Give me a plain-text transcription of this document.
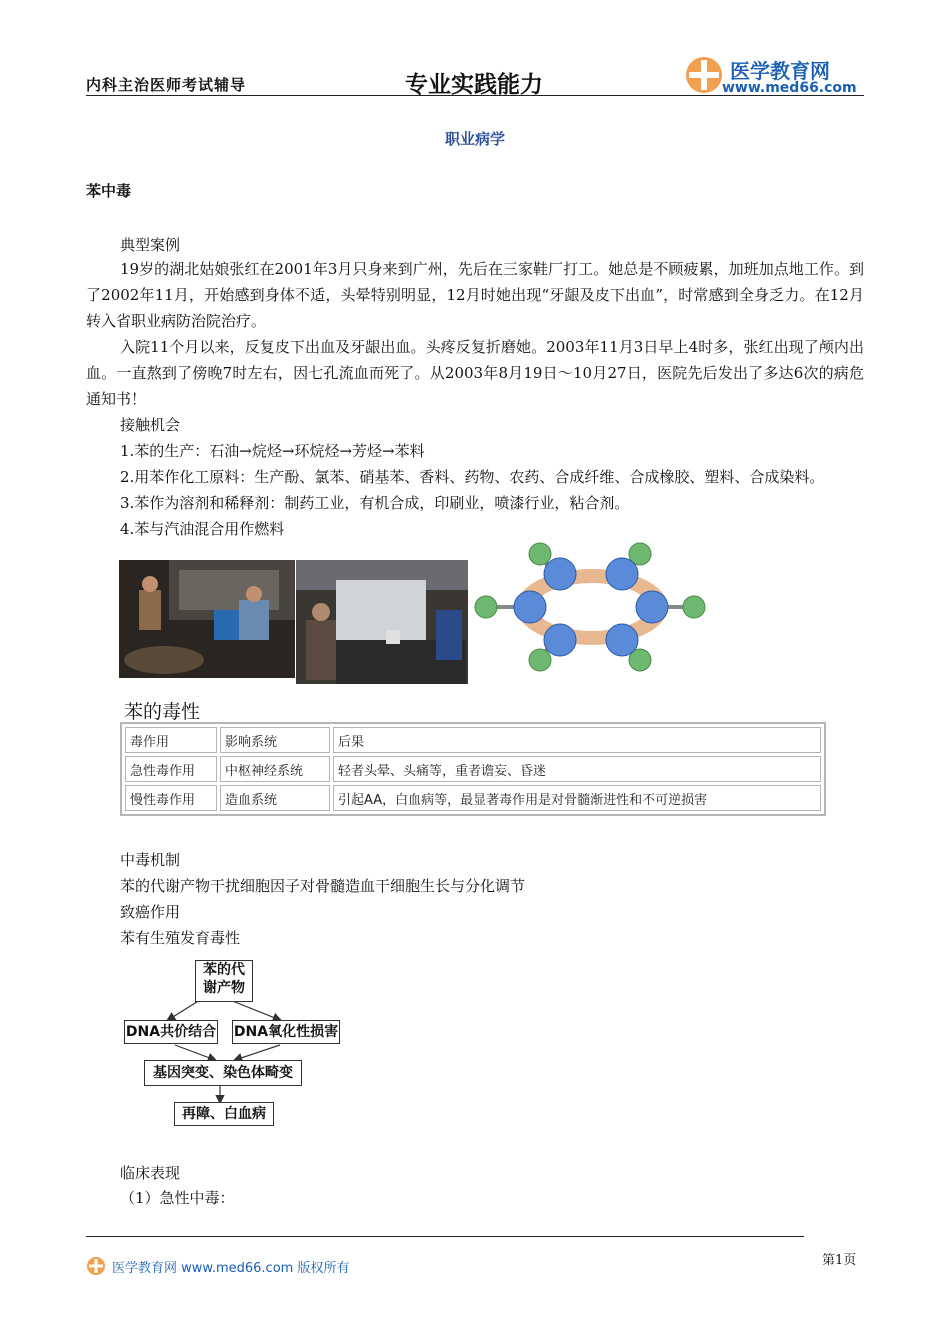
内科主治医师考试辅导	专业实践能力
医学教育网
www.med66.com
职业病学
苯中毒
典型案例
19岁的湖北姑娘张红在2001年3月只身来到广州，先后在三家鞋厂打工。她总是不顾疲累，加班加点地工作。到了2002年11月，开始感到身体不适，头晕特别明显，12月时她出现“牙龈及皮下出血”，时常感到全身乏力。在12月转入省职业病防治院治疗。
入院11个月以来，反复皮下出血及牙龈出血。头疼反复折磨她。2003年11月3日早上4时多，张红出现了颅内出血。一直熬到了傍晚7时左右，因七孔流血而死了。从2003年8月19日～10月27日，医院先后发出了多达6次的病危通知书！
接触机会
1.苯的生产：石油→烷烃→环烷烃→芳烃→苯料
2.用苯作化工原料：生产酚、氯苯、硝基苯、香料、药物、农药、合成纤维、合成橡胶、塑料、合成染料。
3.苯作为溶剂和稀释剂：制药工业，有机合成，印刷业，喷漆行业，粘合剂。
4.苯与汽油混合用作燃料
苯的毒性
毒作用	影响系统	后果
急性毒作用	中枢神经系统	轻者头晕、头痛等，重者谵妄、昏迷
慢性毒作用	造血系统	引起AA，白血病等，最显著毒作用是对骨髓渐进性和不可逆损害
中毒机制
苯的代谢产物干扰细胞因子对骨髓造血干细胞生长与分化调节
致癌作用
苯有生殖发育毒性
苯的代
谢产物
DNA共价结合 DNA氧化性损害
基因突变、染色体畸变
再障、白血病
临床表现
（1）急性中毒：
医学教育网 www.med66.com 版权所有
第1页
